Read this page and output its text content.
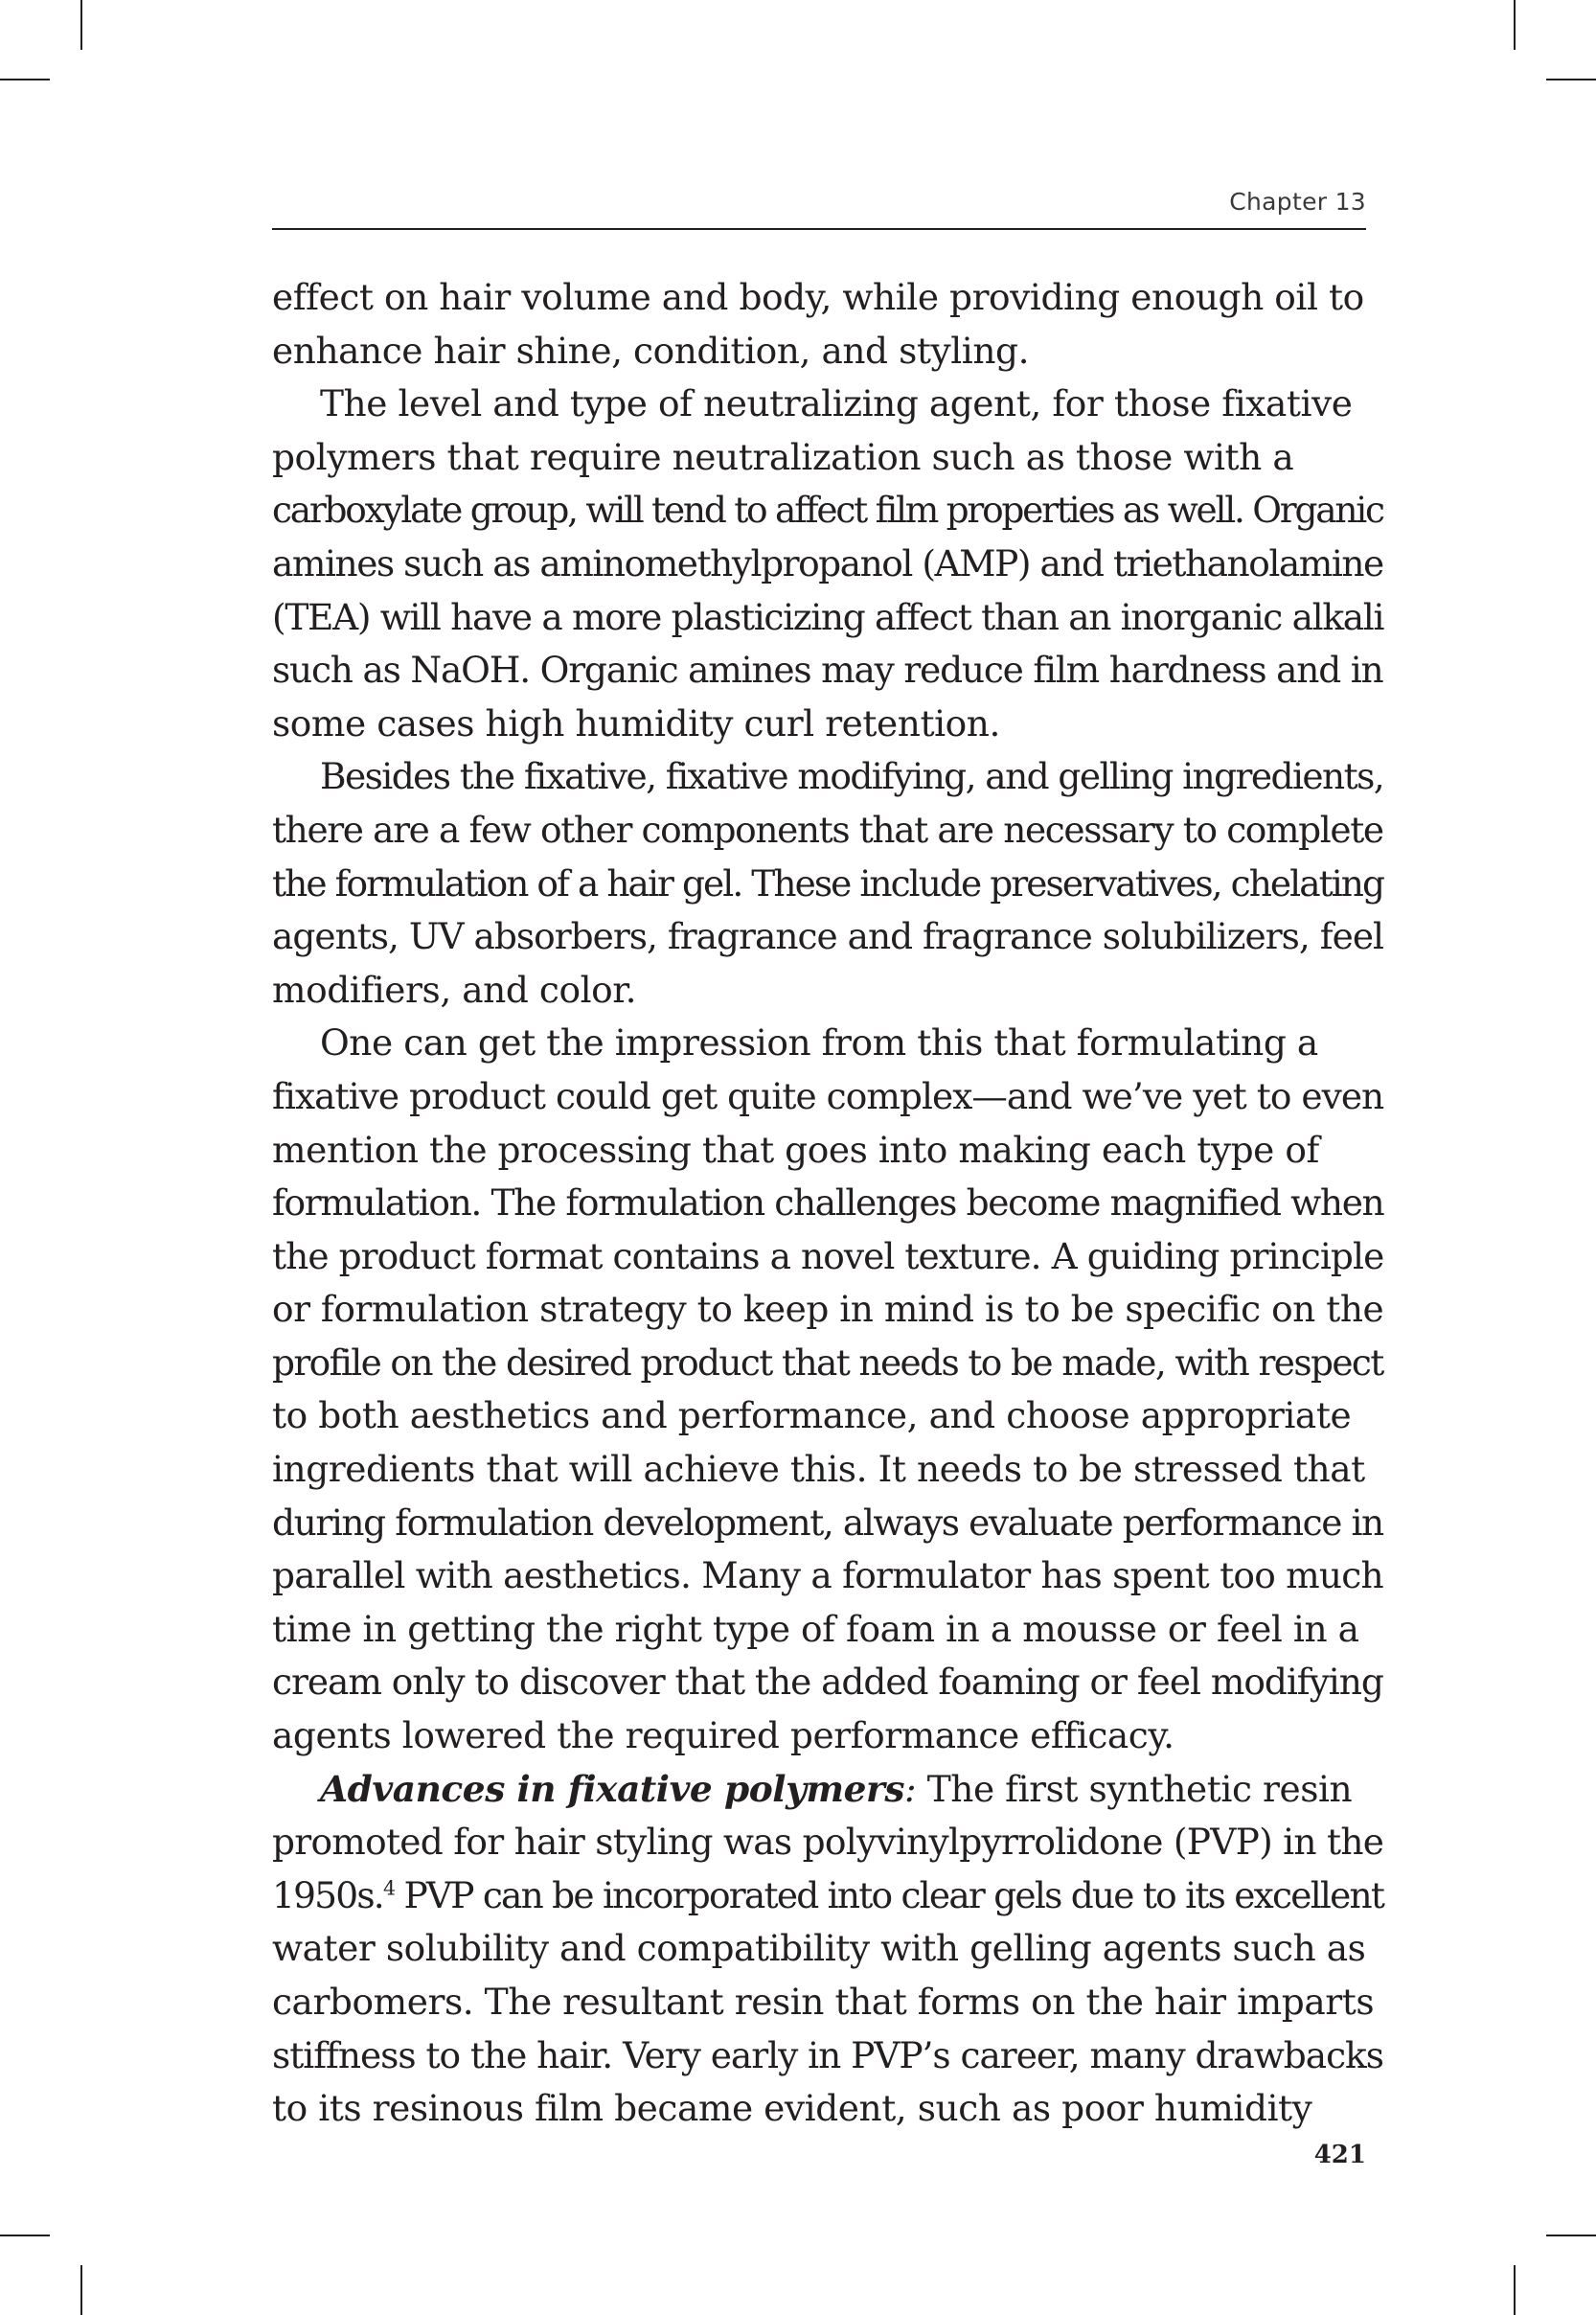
Chapter 13
effect on hair volume and body, while providing enough oil to
enhance hair shine, condition, and styling.
The level and type of neutralizing agent, for those fixative
polymers that require neutralization such as those with a
carboxylate group, will tend to affect film properties as well. Organic
amines such as aminomethylpropanol (AMP) and triethanolamine
(TEA) will have a more plasticizing affect than an inorganic alkali
such as NaOH. Organic amines may reduce film hardness and in
some cases high humidity curl retention.
Besides the fixative, fixative modifying, and gelling ingredients,
there are a few other components that are necessary to complete
the formulation of a hair gel. These include preservatives, chelating
agents, UV absorbers, fragrance and fragrance solubilizers, feel
modifiers, and color.
One can get the impression from this that formulating a
fixative product could get quite complex—and we’ve yet to even
mention the processing that goes into making each type of
formulation. The formulation challenges become magnified when
the product format contains a novel texture. A guiding principle
or formulation strategy to keep in mind is to be specific on the
profile on the desired product that needs to be made, with respect
to both aesthetics and performance, and choose appropriate
ingredients that will achieve this. It needs to be stressed that
during formulation development, always evaluate performance in
parallel with aesthetics. Many a formulator has spent too much
time in getting the right type of foam in a mousse or feel in a
cream only to discover that the added foaming or feel modifying
agents lowered the required performance efficacy.
Advances in fixative polymers: The first synthetic resin
promoted for hair styling was polyvinylpyrrolidone (PVP) in the
1950s.$^4$ PVP can be incorporated into clear gels due to its excellent
water solubility and compatibility with gelling agents such as
carbomers. The resultant resin that forms on the hair imparts
stiffness to the hair. Very early in PVP’s career, many drawbacks
to its resinous film became evident, such as poor humidity
421
